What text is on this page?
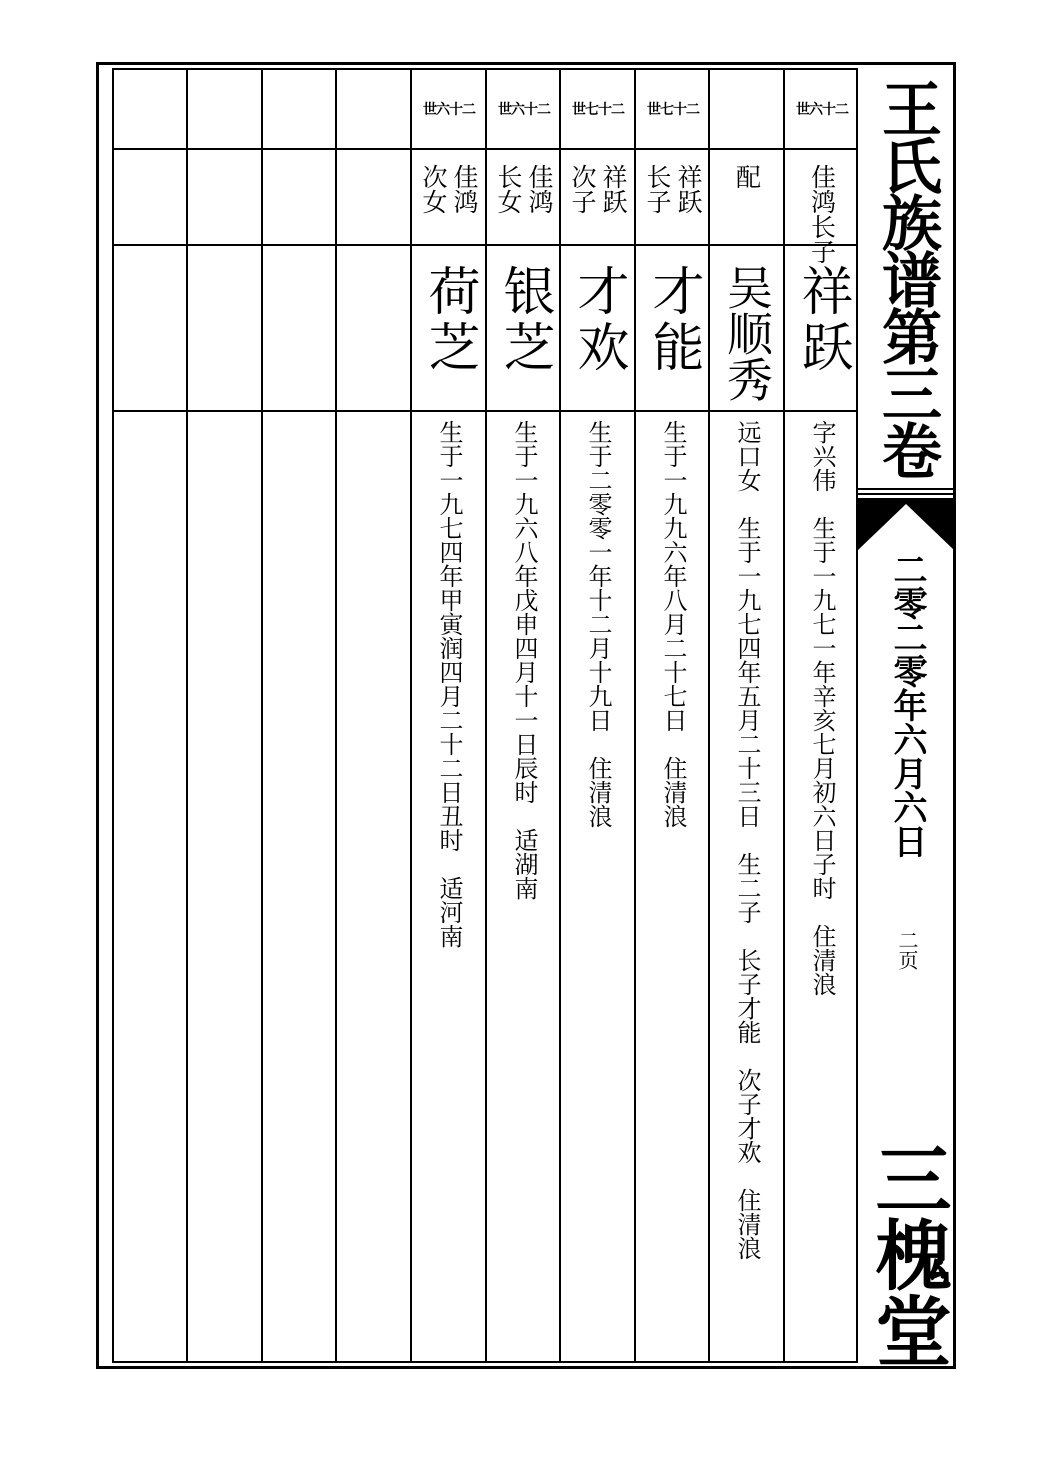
世六十二
佳鸿长子
祥跃
字兴伟　生于一九七一年辛亥七月初六日子时　住清浪
配
吴顺秀
远口女　生于一九七四年五月二十三日　生二子　长子才能　次子才欢　住清浪
世七十二
祥跃长子
才能
生于一九九六年八月二十七日　住清浪
世七十二
祥跃次子
才欢
生于二零零一年十二月十九日　住清浪
世六十二
佳鸿长女
银芝
生于一九六八年戊申四月十一日辰时　适湖南
世六十二
佳鸿次女
荷芝
生于一九七四年甲寅润四月二十二日丑时　适河南
王氏族谱第三卷
二零二零年六月六日
二页
三槐堂
